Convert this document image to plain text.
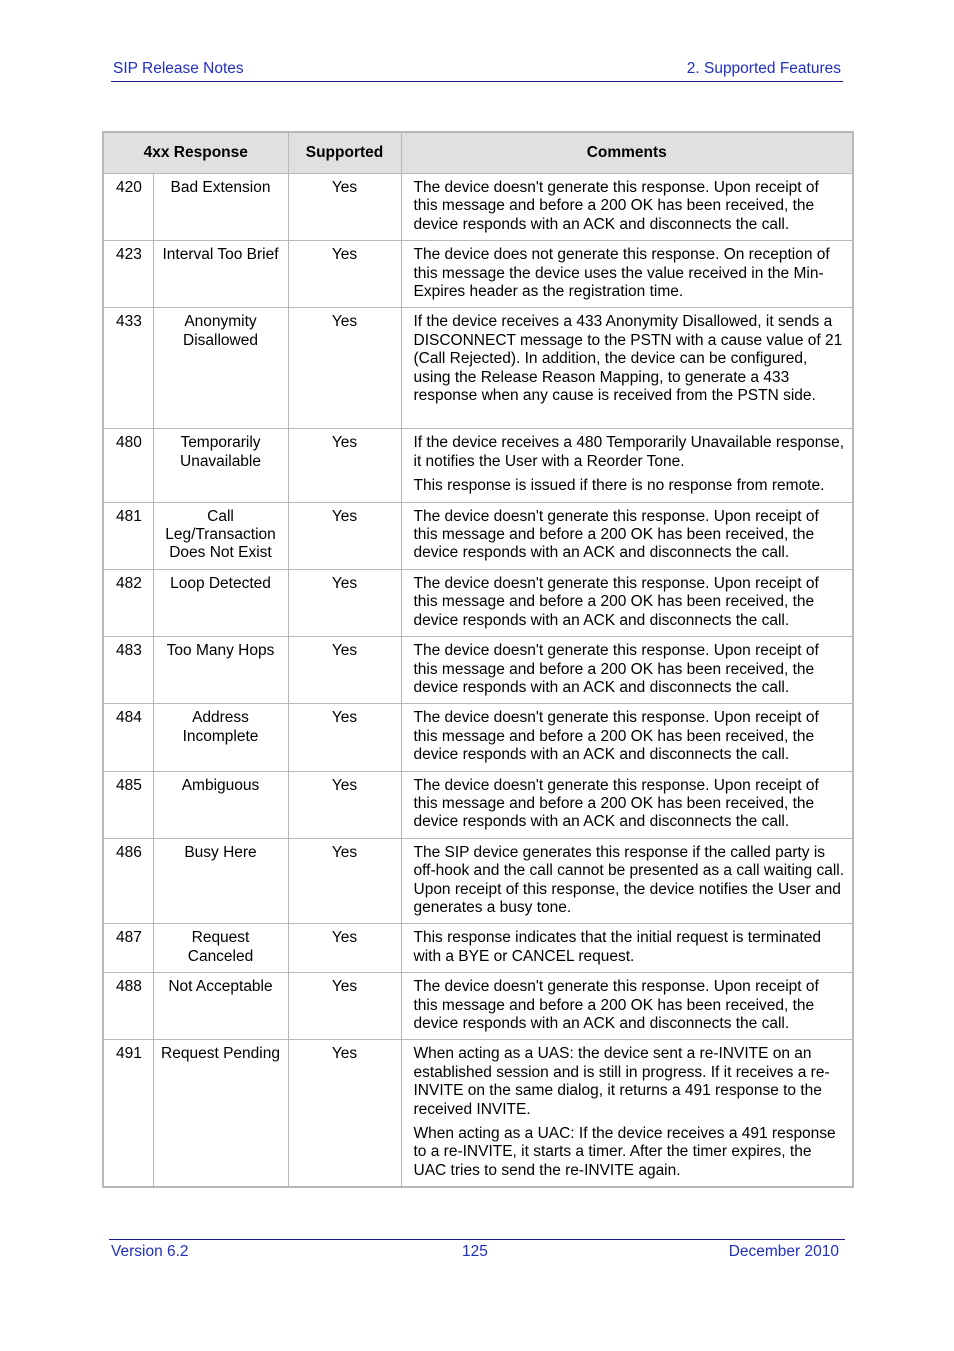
SIP Release Notes	2. Supported Features
4xx Response		Supported	Comments
420	Bad Extension	Yes	The device doesn't generate this response. Upon receipt of this message and before a 200 OK has been received, the device responds with an ACK and disconnects the call.

423	Interval Too Brief	Yes	The device does not generate this response. On reception of this message the device uses the value received in the Min-Expires header as the registration time.

433	Anonymity Disallowed	Yes	If the device receives a 433 Anonymity Disallowed, it sends a DISCONNECT message to the PSTN with a cause value of 21 (Call Rejected). In addition, the device can be configured, using the Release Reason Mapping, to generate a 433 response when any cause is received from the PSTN side.

480	Temporarily Unavailable	Yes	If the device receives a 480 Temporarily Unavailable response, it notifies the User with a Reorder Tone.
This response is issued if there is no response from remote.

481	Call Leg/Transaction Does Not Exist	Yes	The device doesn't generate this response. Upon receipt of this message and before a 200 OK has been received, the device responds with an ACK and disconnects the call.

482	Loop Detected	Yes	The device doesn't generate this response. Upon receipt of this message and before a 200 OK has been received, the device responds with an ACK and disconnects the call.

483	Too Many Hops	Yes	The device doesn't generate this response. Upon receipt of this message and before a 200 OK has been received, the device responds with an ACK and disconnects the call.

484	Address Incomplete	Yes	The device doesn't generate this response. Upon receipt of this message and before a 200 OK has been received, the device responds with an ACK and disconnects the call.

485	Ambiguous	Yes	The device doesn't generate this response. Upon receipt of this message and before a 200 OK has been received, the device responds with an ACK and disconnects the call.

486	Busy Here	Yes	The SIP device generates this response if the called party is off-hook and the call cannot be presented as a call waiting call. Upon receipt of this response, the device notifies the User and generates a busy tone.

487	Request Canceled	Yes	This response indicates that the initial request is terminated with a BYE or CANCEL request.

488	Not Acceptable	Yes	The device doesn't generate this response. Upon receipt of this message and before a 200 OK has been received, the device responds with an ACK and disconnects the call.

491	Request Pending	Yes	When acting as a UAS: the device sent a re-INVITE on an established session and is still in progress. If it receives a re-INVITE on the same dialog, it returns a 491 response to the received INVITE.
When acting as a UAC: If the device receives a 491 response to a re-INVITE, it starts a timer. After the timer expires, the UAC tries to send the re-INVITE again.
Version 6.2	125	December 2010
